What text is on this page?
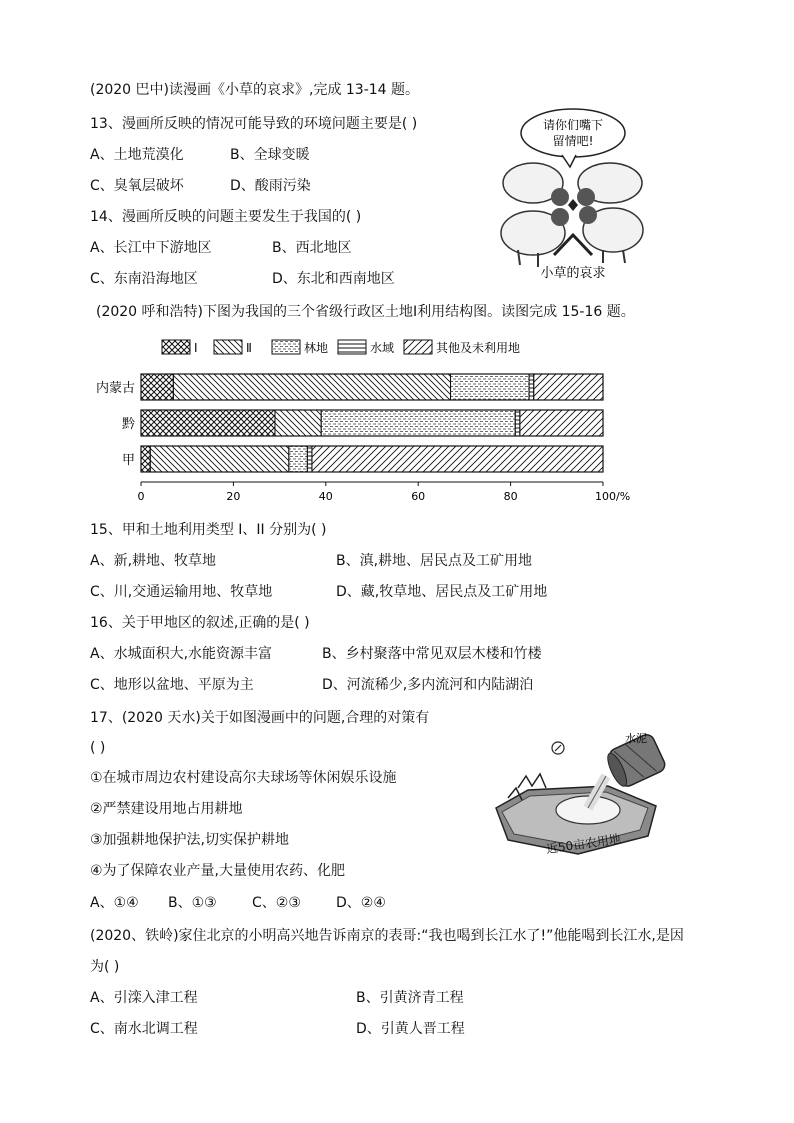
(2020 巴中)读漫画《小草的哀求》,完成 13-14 题。
13、漫画所反映的情况可能导致的环境问题主要是( )
A、土地荒漠化	B、全球变暖
C、臭氧层破坏	D、酸雨污染
14、漫画所反映的问题主要发生于我国的( )
A、长江中下游地区	B、西北地区
C、东南沿海地区	D、东北和西南地区
请你们嘴下
留情吧!
小草的哀求
(2020 呼和浩特)下图为我国的三个省级行政区土地Ⅰ利用结构图。读图完成 15-16 题。
Ⅰ	Ⅱ	林地	水域	其他及未利用地
内蒙古
黔
甲
0	20	40	60	80	100/%
15、甲和土地利用类型 I、II 分别为( )
A、新,耕地、牧草地	B、滇,耕地、居民点及工矿用地
C、川,交通运输用地、牧草地	D、藏,牧草地、居民点及工矿用地
16、关于甲地区的叙述,正确的是( )
A、水城面积大,水能资源丰富	B、乡村聚落中常见双层木楼和竹楼
C、地形以盆地、平原为主	D、河流稀少,多内流河和内陆湖泊
17、(2020 天水)关于如图漫画中的问题,合理的对策有
( )
①在城市周边农村建设高尔夫球场等休闲娱乐设施
②严禁建设用地占用耕地
③加强耕地保护法,切实保护耕地
④为了保障农业产量,大量使用农药、化肥
A、①④ B、①③	C、②③	D、②④
水泥
近50亩农用地
(2020、铁岭)家住北京的小明高兴地告诉南京的表哥:“我也喝到长江水了!”他能喝到长江水,是因
为( )
A、引滦入津工程	B、引黄济青工程
C、南水北调工程	D、引黄人晋工程
